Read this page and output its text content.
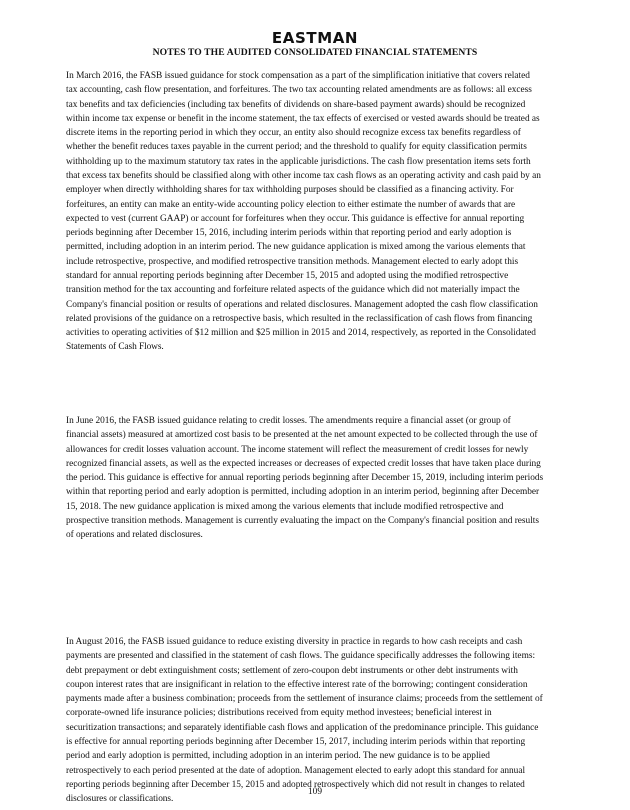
EASTMAN
NOTES TO THE AUDITED CONSOLIDATED FINANCIAL STATEMENTS
In March 2016, the FASB issued guidance for stock compensation as a part of the simplification initiative that covers related
tax accounting, cash flow presentation, and forfeitures. The two tax accounting related amendments are as follows: all excess
tax benefits and tax deficiencies (including tax benefits of dividends on share-based payment awards) should be recognized
within income tax expense or benefit in the income statement, the tax effects of exercised or vested awards should be treated as
discrete items in the reporting period in which they occur, an entity also should recognize excess tax benefits regardless of
whether the benefit reduces taxes payable in the current period; and the threshold to qualify for equity classification permits
withholding up to the maximum statutory tax rates in the applicable jurisdictions. The cash flow presentation items sets forth
that excess tax benefits should be classified along with other income tax cash flows as an operating activity and cash paid by an
employer when directly withholding shares for tax withholding purposes should be classified as a financing activity. For
forfeitures, an entity can make an entity-wide accounting policy election to either estimate the number of awards that are
expected to vest (current GAAP) or account for forfeitures when they occur. This guidance is effective for annual reporting
periods beginning after December 15, 2016, including interim periods within that reporting period and early adoption is
permitted, including adoption in an interim period. The new guidance application is mixed among the various elements that
include retrospective, prospective, and modified retrospective transition methods. Management elected to early adopt this
standard for annual reporting periods beginning after December 15, 2015 and adopted using the modified retrospective
transition method for the tax accounting and forfeiture related aspects of the guidance which did not materially impact the
Company's financial position or results of operations and related disclosures. Management adopted the cash flow classification
related provisions of the guidance on a retrospective basis, which resulted in the reclassification of cash flows from financing
activities to operating activities of $12 million and $25 million in 2015 and 2014, respectively, as reported in the Consolidated
Statements of Cash Flows.
In June 2016, the FASB issued guidance relating to credit losses. The amendments require a financial asset (or group of
financial assets) measured at amortized cost basis to be presented at the net amount expected to be collected through the use of
allowances for credit losses valuation account. The income statement will reflect the measurement of credit losses for newly
recognized financial assets, as well as the expected increases or decreases of expected credit losses that have taken place during
the period. This guidance is effective for annual reporting periods beginning after December 15, 2019, including interim periods
within that reporting period and early adoption is permitted, including adoption in an interim period, beginning after December
15, 2018. The new guidance application is mixed among the various elements that include modified retrospective and
prospective transition methods. Management is currently evaluating the impact on the Company's financial position and results
of operations and related disclosures.
In August 2016, the FASB issued guidance to reduce existing diversity in practice in regards to how cash receipts and cash
payments are presented and classified in the statement of cash flows. The guidance specifically addresses the following items:
debt prepayment or debt extinguishment costs; settlement of zero-coupon debt instruments or other debt instruments with
coupon interest rates that are insignificant in relation to the effective interest rate of the borrowing; contingent consideration
payments made after a business combination; proceeds from the settlement of insurance claims; proceeds from the settlement of
corporate-owned life insurance policies; distributions received from equity method investees; beneficial interest in
securitization transactions; and separately identifiable cash flows and application of the predominance principle. This guidance
is effective for annual reporting periods beginning after December 15, 2017, including interim periods within that reporting
period and early adoption is permitted, including adoption in an interim period. The new guidance is to be applied
retrospectively to each period presented at the date of adoption. Management elected to early adopt this standard for annual
reporting periods beginning after December 15, 2015 and adopted retrospectively which did not result in changes to related
disclosures or classifications.
109
